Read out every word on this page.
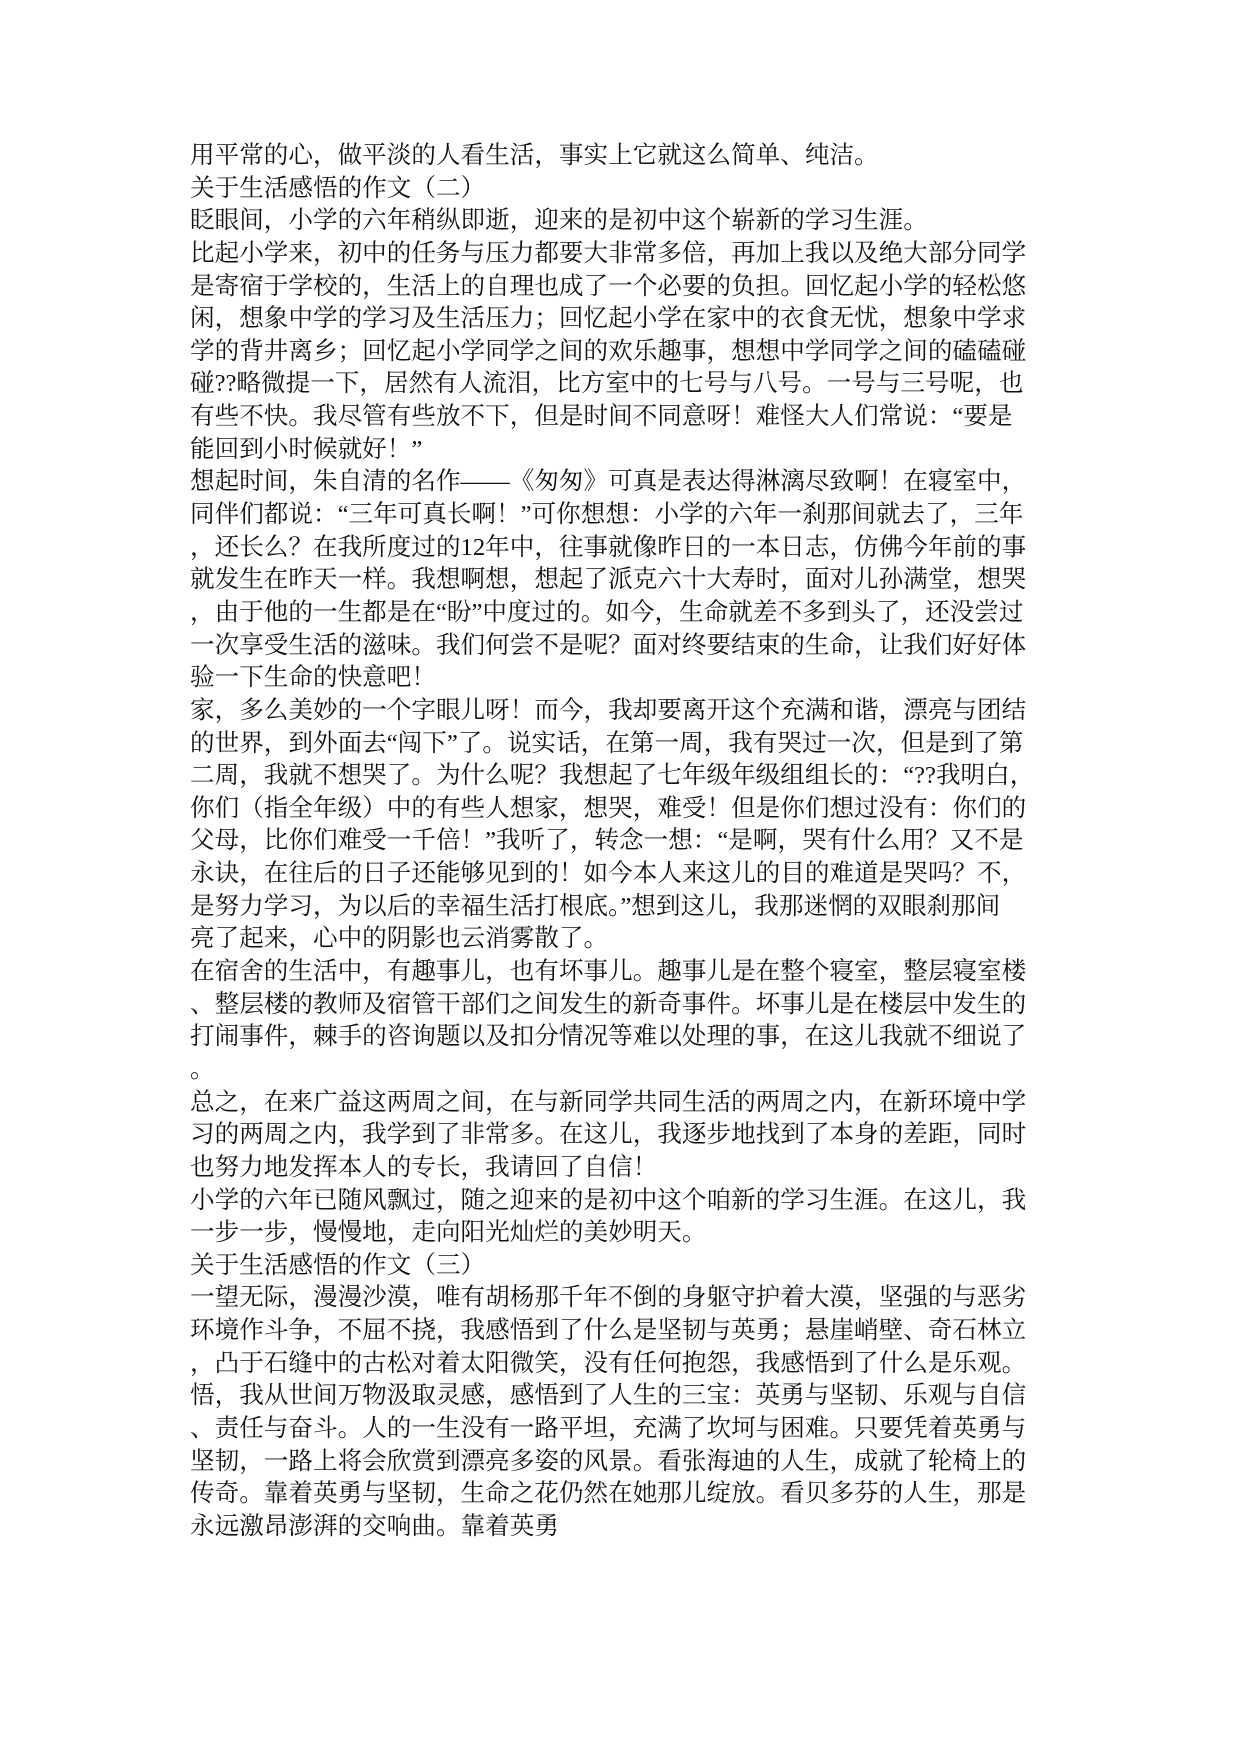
用平常的心，做平淡的人看生活，事实上它就这么简单、纯洁。
关于生活感悟的作文（二）
眨眼间，小学的六年稍纵即逝，迎来的是初中这个崭新的学习生涯。
比起小学来，初中的任务与压力都要大非常多倍，再加上我以及绝大部分同学
是寄宿于学校的，生活上的自理也成了一个必要的负担。回忆起小学的轻松悠
闲，想象中学的学习及生活压力；回忆起小学在家中的衣食无忧，想象中学求
学的背井离乡；回忆起小学同学之间的欢乐趣事，想想中学同学之间的磕磕碰
碰??略微提一下，居然有人流泪，比方室中的七号与八号。一号与三号呢，也
有些不快。我尽管有些放不下，但是时间不同意呀！难怪大人们常说：“要是
能回到小时候就好！”
想起时间，朱自清的名作——《匆匆》可真是表达得淋漓尽致啊！在寝室中，
同伴们都说：“三年可真长啊！”可你想想：小学的六年一刹那间就去了，三年
，还长么？在我所度过的12年中，往事就像昨日的一本日志，仿佛今年前的事
就发生在昨天一样。我想啊想，想起了派克六十大寿时，面对儿孙满堂，想哭
，由于他的一生都是在“盼”中度过的。如今，生命就差不多到头了，还没尝过
一次享受生活的滋味。我们何尝不是呢？面对终要结束的生命，让我们好好体
验一下生命的快意吧！
家，多么美妙的一个字眼儿呀！而今，我却要离开这个充满和谐，漂亮与团结
的世界，到外面去“闯下”了。说实话，在第一周，我有哭过一次，但是到了第
二周，我就不想哭了。为什么呢？我想起了七年级年级组组长的：“??我明白，
你们（指全年级）中的有些人想家，想哭，难受！但是你们想过没有：你们的
父母，比你们难受一千倍！”我听了，转念一想：“是啊，哭有什么用？又不是
永诀，在往后的日子还能够见到的！如今本人来这儿的目的难道是哭吗？不，
是努力学习，为以后的幸福生活打根底。”想到这儿，我那迷惘的双眼刹那间
亮了起来，心中的阴影也云消雾散了。
在宿舍的生活中，有趣事儿，也有坏事儿。趣事儿是在整个寝室，整层寝室楼
、整层楼的教师及宿管干部们之间发生的新奇事件。坏事儿是在楼层中发生的
打闹事件，棘手的咨询题以及扣分情况等难以处理的事，在这儿我就不细说了
。
总之，在来广益这两周之间，在与新同学共同生活的两周之内，在新环境中学
习的两周之内，我学到了非常多。在这儿，我逐步地找到了本身的差距，同时
也努力地发挥本人的专长，我请回了自信！
小学的六年已随风飘过，随之迎来的是初中这个咱新的学习生涯。在这儿，我
一步一步，慢慢地，走向阳光灿烂的美妙明天。
关于生活感悟的作文（三）
一望无际，漫漫沙漠，唯有胡杨那千年不倒的身躯守护着大漠，坚强的与恶劣
环境作斗争，不屈不挠，我感悟到了什么是坚韧与英勇；悬崖峭壁、奇石林立
，凸于石缝中的古松对着太阳微笑，没有任何抱怨，我感悟到了什么是乐观。
悟，我从世间万物汲取灵感，感悟到了人生的三宝：英勇与坚韧、乐观与自信
、责任与奋斗。人的一生没有一路平坦，充满了坎坷与困难。只要凭着英勇与
坚韧，一路上将会欣赏到漂亮多姿的风景。看张海迪的人生，成就了轮椅上的
传奇。靠着英勇与坚韧，生命之花仍然在她那儿绽放。看贝多芬的人生，那是
永远激昂澎湃的交响曲。靠着英勇
